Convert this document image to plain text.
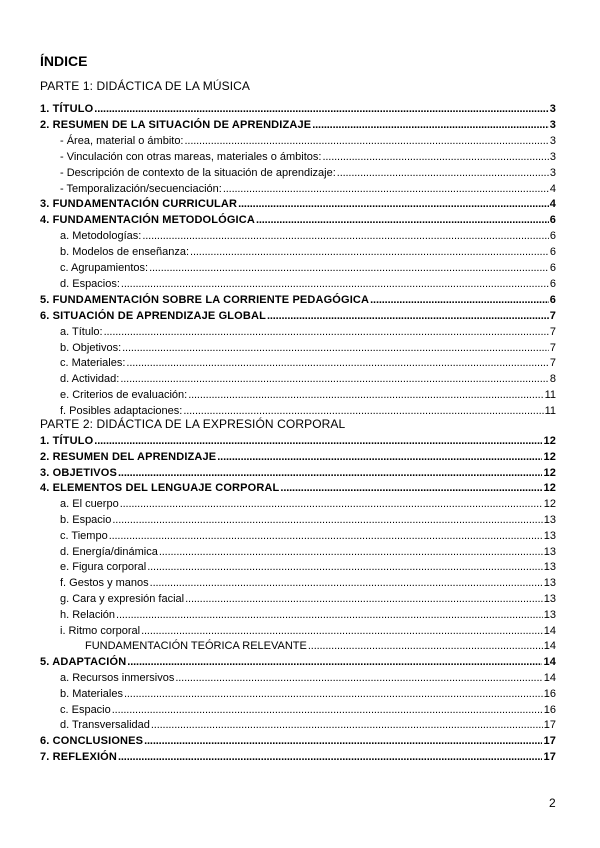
ÍNDICE
PARTE 1: DIDÁCTICA DE LA MÚSICA
1. TÍTULO . . .	3
2. RESUMEN DE LA SITUACIÓN DE APRENDIZAJE . . .	3
- Área, material o ámbito: . . .	3
- Vinculación con otras mareas, materiales o ámbitos: . . .	3
- Descripción de contexto de la situación de aprendizaje: . . .	3
- Temporalización/secuenciación: . . .	4
3. FUNDAMENTACIÓN CURRICULAR . . .	4
4. FUNDAMENTACIÓN METODOLÓGICA . . .	6
a. Metodologías: . . .	6
b. Modelos de enseñanza: . . .	6
c. Agrupamientos: . . .	6
d. Espacios: . . .	6
5. FUNDAMENTACIÓN SOBRE LA CORRIENTE PEDAGÓGICA . . .	6
6. SITUACIÓN DE APRENDIZAJE GLOBAL . . .	7
a. Título: . . .	7
b. Objetivos: . . .	7
c. Materiales: . . .	7
d. Actividad: . . .	8
e. Criterios de evaluación: . . .	11
f. Posibles adaptaciones: . . .	11
PARTE 2: DIDÁCTICA DE LA EXPRESIÓN CORPORAL
1. TÍTULO . . .	12
2. RESUMEN DEL APRENDIZAJE . . .	12
3. OBJETIVOS . . .	12
4. ELEMENTOS DEL LENGUAJE CORPORAL . . .	12
a. El cuerpo . . .	12
b. Espacio . . .	13
c. Tiempo . . .	13
d. Energía/dinámica . . .	13
e. Figura corporal . . .	13
f. Gestos y manos . . .	13
g. Cara y expresión facial . . .	13
h. Relación . . .	13
i. Ritmo corporal . . .	14
FUNDAMENTACIÓN TEÓRICA RELEVANTE . . .	14
5. ADAPTACIÓN . . .	14
a. Recursos inmersivos . . .	14
b. Materiales . . .	16
c. Espacio . . .	16
d. Transversalidad . . .	17
6. CONCLUSIONES . . .	17
7. REFLEXIÓN . . .	17
2
